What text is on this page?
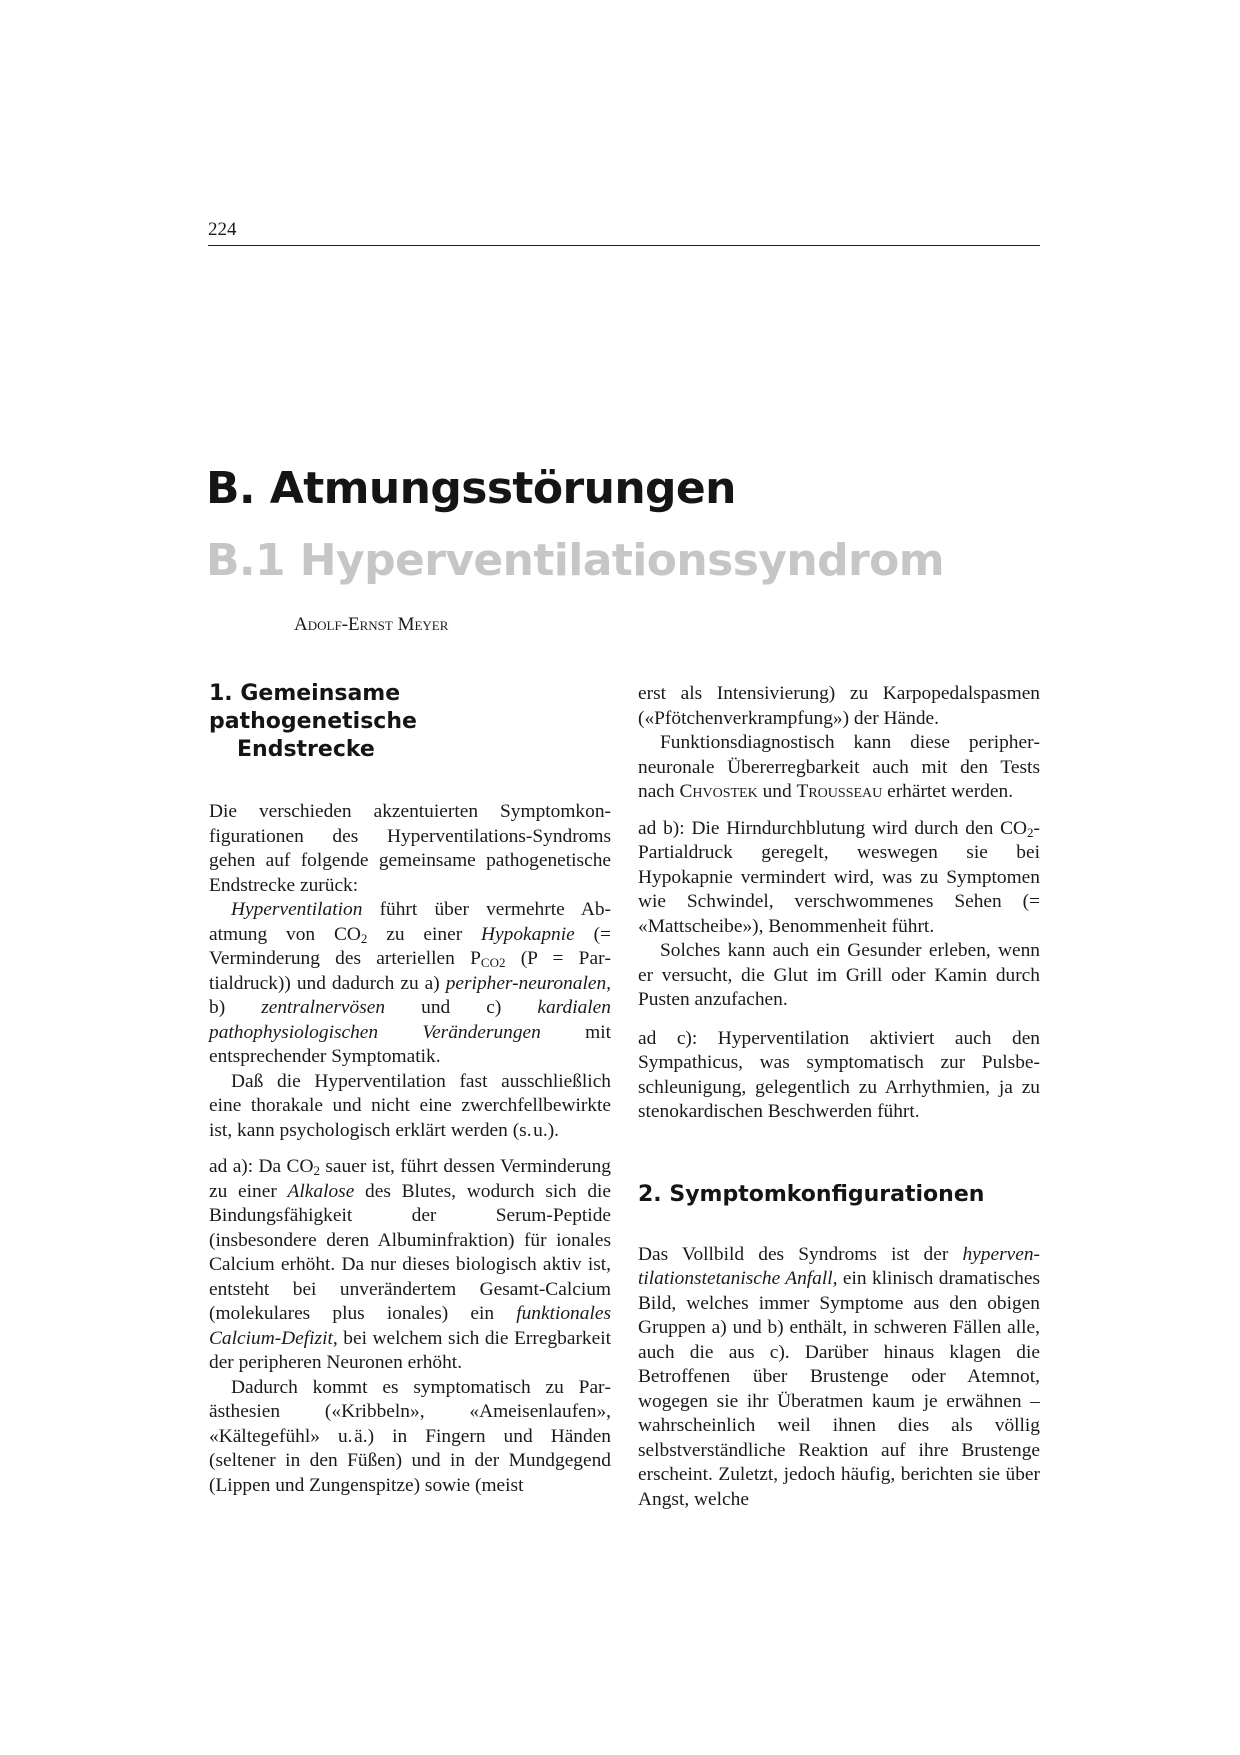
224
B. Atmungsstörungen
B.1 Hyperventilationssyndrom
Adolf-Ernst Meyer
1. Gemeinsame pathogenetische
Endstrecke

Die verschieden akzentuierten Symptomkonfigurationen des Hyperventilations-Syndroms gehen auf folgende gemeinsame pathogenetische Endstrecke zurück:

Hyperventilation führt über vermehrte Abatmung von $CO_2$ zu einer Hypokapnie (= Verminderung des arteriellen $P_{CO2}$ (P = Partialdruck)) und dadurch zu a) peripher-neuronalen, b) zentralnervösen und c) kardialen pathophysiologischen Veränderungen mit entsprechender Symptomatik.

Daß die Hyperventilation fast ausschließlich eine thorakale und nicht eine zwerchfellbewirkte ist, kann psychologisch erklärt werden (s. u.).

ad a): Da $CO_2$ sauer ist, führt dessen Verminderung zu einer Alkalose des Blutes, wodurch sich die Bindungsfähigkeit der Serum-Peptide (insbesondere deren Albuminfraktion) für ionales Calcium erhöht. Da nur dieses biologisch aktiv ist, entsteht bei unverändertem Gesamt-Calcium (molekulares plus ionales) ein funktionales Calcium-Defizit, bei welchem sich die Erregbarkeit der peripheren Neuronen erhöht.

Dadurch kommt es symptomatisch zu Parästhesien («Kribbeln», «Ameisenlaufen», «Kältegefühl» u. ä.) in Fingern und Händen (seltener in den Füßen) und in der Mundgegend (Lippen und Zungenspitze) sowie (meist

erst als Intensivierung) zu Karpopedalspasmen («Pfötchenverkrampfung») der Hände.

Funktionsdiagnostisch kann diese peripherneuronale Übererregbarkeit auch mit den Tests nach Chvostek und Trousseau erhärtet werden.

ad b): Die Hirndurchblutung wird durch den $CO_2$-Partialdruck geregelt, weswegen sie bei Hypokapnie vermindert wird, was zu Symptomen wie Schwindel, verschwommenes Sehen (= «Mattscheibe»), Benommenheit führt.

Solches kann auch ein Gesunder erleben, wenn er versucht, die Glut im Grill oder Kamin durch Pusten anzufachen.

ad c): Hyperventilation aktiviert auch den Sympathicus, was symptomatisch zur Pulsbeschleunigung, gelegentlich zu Arrhythmien, ja zu stenokardischen Beschwerden führt.

2. Symptomkonfigurationen

Das Vollbild des Syndroms ist der hyperventilationstetanische Anfall, ein klinisch dramatisches Bild, welches immer Symptome aus den obigen Gruppen a) und b) enthält, in schweren Fällen alle, auch die aus c). Darüber hinaus klagen die Betroffenen über Brustenge oder Atemnot, wogegen sie ihr Überatmen kaum je erwähnen – wahrscheinlich weil ihnen dies als völlig selbstverständliche Reaktion auf ihre Brustenge erscheint. Zuletzt, jedoch häufig, berichten sie über Angst, welche
